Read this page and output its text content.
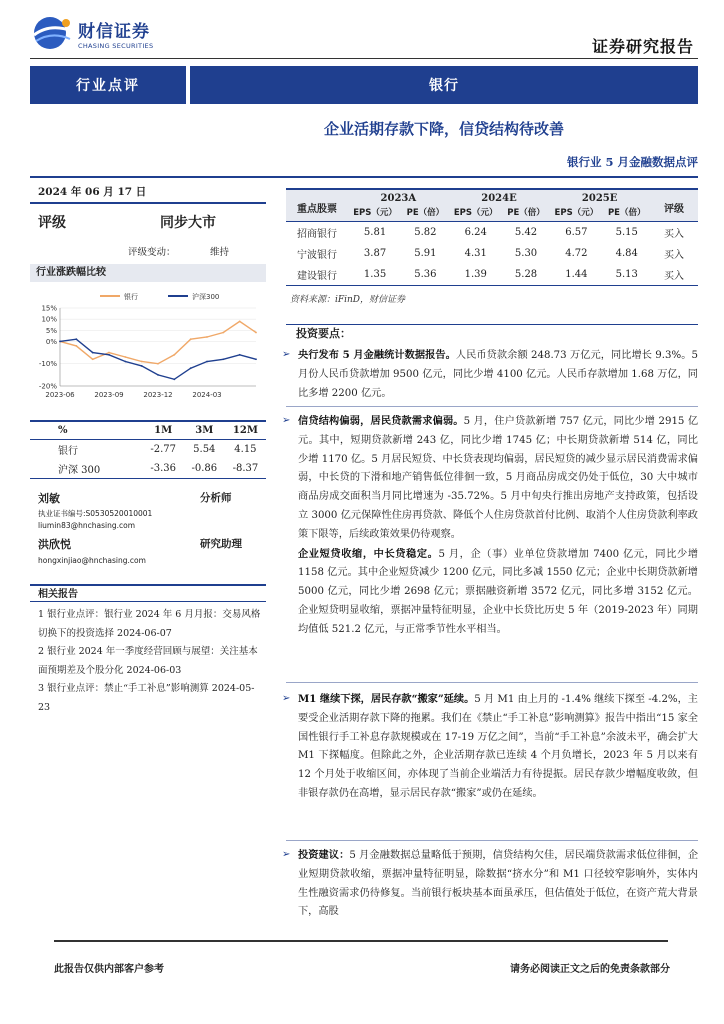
财信证券
CHASING SECURITIES	证券研究报告
行业点评	银行
企业活期存款下降，信贷结构待改善
银行业 5 月金融数据点评
2024 年 06 月 17 日
评级	同步大市
评级变动：	维持
行业涨跌幅比较
银行	沪深300
15%
10%
5%
0%
-10%
-20%
2023-06	2023-09	2023-12	2024-03
%	1M	3M	12M
银行	-2.77	5.54	4.15
沪深 300	-3.36	-0.86	-8.37
刘敏	分析师
执业证书编号:S0530520010001
liumin83@hnchasing.com
洪欣悦	研究助理
hongxinjiao@hnchasing.com
相关报告
1 银行业点评：银行业 2024 年 6 月月报：交易风格切换下的投资选择 2024-06-07
2 银行业 2024 年一季度经营回顾与展望：关注基本面预期差及个股分化 2024-06-03
3 银行业点评：禁止“手工补息”影响测算 2024-05-23
重点股票	2023A		2024E		2025E		评级
	EPS（元）	PE（倍）	EPS（元）	PE（倍）	EPS（元）	PE（倍）	
招商银行	5.81	5.82	6.24	5.42	6.57	5.15	买入
宁波银行	3.87	5.91	4.31	5.30	4.72	4.84	买入
建设银行	1.35	5.36	1.39	5.28	1.44	5.13	买入
资料来源：iFinD，财信证券
投资要点：
➢ 央行发布 5 月金融统计数据报告。人民币贷款余额 248.73 万亿元，同比增长 9.3%。5 月份人民币贷款增加 9500 亿元，同比少增 4100 亿元。人民币存款增加 1.68 万亿，同比多增 2200 亿元。
➢ 信贷结构偏弱，居民贷款需求偏弱。5 月，住户贷款新增 757 亿元，同比少增 2915 亿元。其中，短期贷款新增 243 亿，同比少增 1745 亿；中长期贷款新增 514 亿，同比少增 1170 亿。5 月居民短贷、中长贷表现均偏弱，居民短贷的减少显示居民消费需求偏弱，中长贷的下滑和地产销售低位徘徊一致，5 月商品房成交仍处于低位，30 大中城市商品房成交面积当月同比增速为 -35.72%。5 月中旬央行推出房地产支持政策，包括设立 3000 亿元保障性住房再贷款、降低个人住房贷款首付比例、取消个人住房贷款利率政策下限等，后续政策效果仍待观察。
企业短贷收缩，中长贷稳定。5 月，企（事）业单位贷款增加 7400 亿元，同比少增 1158 亿元。其中企业短贷减少 1200 亿元，同比多减 1550 亿元；企业中长期贷款新增 5000 亿元，同比少增 2698 亿元；票据融资新增 3572 亿元，同比多增 3152 亿元。企业短贷明显收缩，票据冲量特征明显，企业中长贷比历史 5 年（2019-2023 年）同期均值低 521.2 亿元，与正常季节性水平相当。
➢ M1 继续下探，居民存款“搬家”延续。5 月 M1 由上月的 -1.4% 继续下探至 -4.2%，主要受企业活期存款下降的拖累。我们在《禁止“手工补息”影响测算》报告中指出“15 家全国性银行手工补息存款规模或在 17-19 万亿之间”，当前“手工补息”余波未平，确会扩大 M1 下探幅度。但除此之外，企业活期存款已连续 4 个月负增长，2023 年 5 月以来有 12 个月处于收缩区间，亦体现了当前企业端活力有待提振。居民存款少增幅度收敛，但非银存款仍在高增，显示居民存款“搬家”或仍在延续。
➢ 投资建议：5 月金融数据总量略低于预期，信贷结构欠佳，居民端贷款需求低位徘徊，企业短期贷款收缩，票据冲量特征明显，除数据“挤水分”和 M1 口径较窄影响外，实体内生性融资需求仍待修复。当前银行板块基本面虽承压，但估值处于低位，在资产荒大背景下，高股
此报告仅供内部客户参考	请务必阅读正文之后的免责条款部分
